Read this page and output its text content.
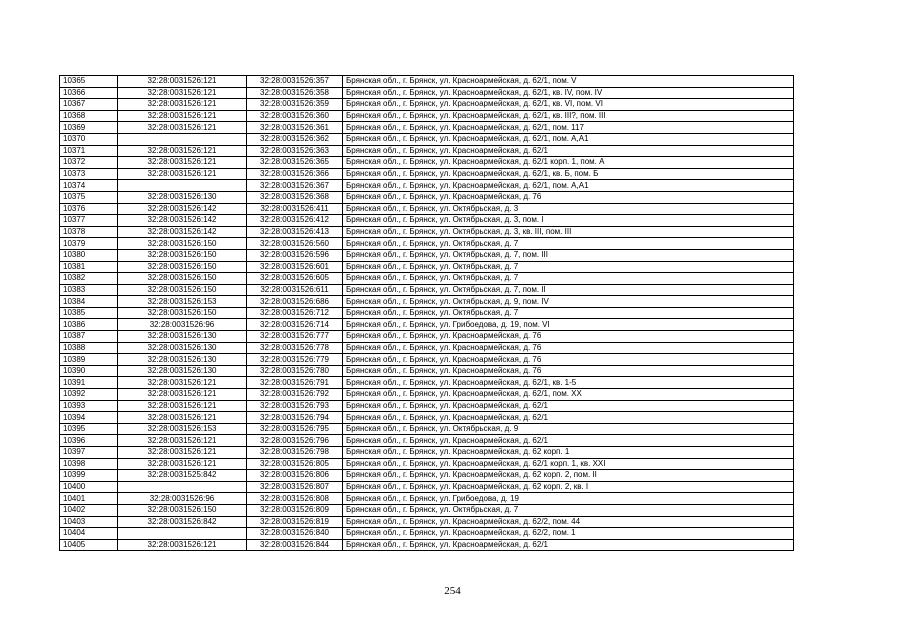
10365	32:28:0031526:121	32:28:0031526:357	Брянская обл., г. Брянск, ул. Красноармейская, д. 62/1, пом. V
10366	32:28:0031526:121	32:28:0031526:358	Брянская обл., г. Брянск, ул. Красноармейская, д. 62/1, кв. IV, пом. IV
10367	32:28:0031526:121	32:28:0031526:359	Брянская обл., г. Брянск, ул. Красноармейская, д. 62/1, кв. VI, пом. VI
10368	32:28:0031526:121	32:28:0031526:360	Брянская обл., г. Брянск, ул. Красноармейская, д. 62/1, кв. III?, пом. III
10369	32:28:0031526:121	32:28:0031526:361	Брянская обл., г. Брянск, ул. Красноармейская, д. 62/1, пом. 117
10370		32:28:0031526:362	Брянская обл., г. Брянск, ул. Красноармейская, д. 62/1, пом. А,А1
10371	32:28:0031526:121	32:28:0031526:363	Брянская обл., г. Брянск, ул. Красноармейская, д. 62/1
10372	32:28:0031526:121	32:28:0031526:365	Брянская обл., г. Брянск, ул. Красноармейская, д. 62/1 корп. 1, пом. А
10373	32:28:0031526:121	32:28:0031526:366	Брянская обл., г. Брянск, ул. Красноармейская, д. 62/1, кв. Б, пом. Б
10374		32:28:0031526:367	Брянская обл., г. Брянск, ул. Красноармейская, д. 62/1, пом. А,А1
10375	32:28:0031526:130	32:28:0031526:368	Брянская обл., г. Брянск, ул. Красноармейская, д. 76
10376	32:28:0031526:142	32:28:0031526:411	Брянская обл., г. Брянск, ул. Октябрьская, д. 3
10377	32:28:0031526:142	32:28:0031526:412	Брянская обл., г. Брянск, ул. Октябрьская, д. 3, пом. I
10378	32:28:0031526:142	32:28:0031526:413	Брянская обл., г. Брянск, ул. Октябрьская, д. 3, кв. III, пом. III
10379	32:28:0031526:150	32:28:0031526:560	Брянская обл., г. Брянск, ул. Октябрьская, д. 7
10380	32:28:0031526:150	32:28:0031526:596	Брянская обл., г. Брянск, ул. Октябрьская, д. 7, пом. III
10381	32:28:0031526:150	32:28:0031526:601	Брянская обл., г. Брянск, ул. Октябрьская, д. 7
10382	32:28:0031526:150	32:28:0031526:605	Брянская обл., г. Брянск, ул. Октябрьская, д. 7
10383	32:28:0031526:150	32:28:0031526:611	Брянская обл., г. Брянск, ул. Октябрьская, д. 7, пом. II
10384	32:28:0031526:153	32:28:0031526:686	Брянская обл., г. Брянск, ул. Октябрьская, д. 9, пом. IV
10385	32:28:0031526:150	32:28:0031526:712	Брянская обл., г. Брянск, ул. Октябрьская, д. 7
10386	32:28:0031526:96	32:28:0031526:714	Брянская обл., г. Брянск, ул. Грибоедова, д. 19, пом. VI
10387	32:28:0031526:130	32:28:0031526:777	Брянская обл., г. Брянск, ул. Красноармейская, д. 76
10388	32:28:0031526:130	32:28:0031526:778	Брянская обл., г. Брянск, ул. Красноармейская, д. 76
10389	32:28:0031526:130	32:28:0031526:779	Брянская обл., г. Брянск, ул. Красноармейская, д. 76
10390	32:28:0031526:130	32:28:0031526:780	Брянская обл., г. Брянск, ул. Красноармейская, д. 76
10391	32:28:0031526:121	32:28:0031526:791	Брянская обл., г. Брянск, ул. Красноармейская, д. 62/1, кв. 1-5
10392	32:28:0031526:121	32:28:0031526:792	Брянская обл., г. Брянск, ул. Красноармейская, д. 62/1, пом. XX
10393	32:28:0031526:121	32:28:0031526:793	Брянская обл., г. Брянск, ул. Красноармейская, д. 62/1
10394	32:28:0031526:121	32:28:0031526:794	Брянская обл., г. Брянск, ул. Красноармейская, д. 62/1
10395	32:28:0031526:153	32:28:0031526:795	Брянская обл., г. Брянск, ул. Октябрьская, д. 9
10396	32:28:0031526:121	32:28:0031526:796	Брянская обл., г. Брянск, ул. Красноармейская, д. 62/1
10397	32:28:0031526:121	32:28:0031526:798	Брянская обл., г. Брянск, ул. Красноармейская, д. 62 корп. 1
10398	32:28:0031526:121	32:28:0031526:805	Брянская обл., г. Брянск, ул. Красноармейская, д. 62/1 корп. 1, кв. XXI
10399	32:28:0031525:842	32:28:0031526:806	Брянская обл., г. Брянск, ул. Красноармейская, д. 62 корп. 2, пом. II
10400		32:28:0031526:807	Брянская обл., г. Брянск, ул. Красноармейская, д. 62 корп. 2, кв. I
10401	32:28:0031526:96	32:28:0031526:808	Брянская обл., г. Брянск, ул. Грибоедова, д. 19
10402	32:28:0031526:150	32:28:0031526:809	Брянская обл., г. Брянск, ул. Октябрьская, д. 7
10403	32:28:0031526:842	32:28:0031526:819	Брянская обл., г. Брянск, ул. Красноармейская, д. 62/2, пом. 44
10404		32:28:0031526:840	Брянская обл., г. Брянск, ул. Красноармейская, д. 62/2, пом. 1
10405	32:28:0031526:121	32:28:0031526:844	Брянская обл., г. Брянск, ул. Красноармейская, д. 62/1
254
